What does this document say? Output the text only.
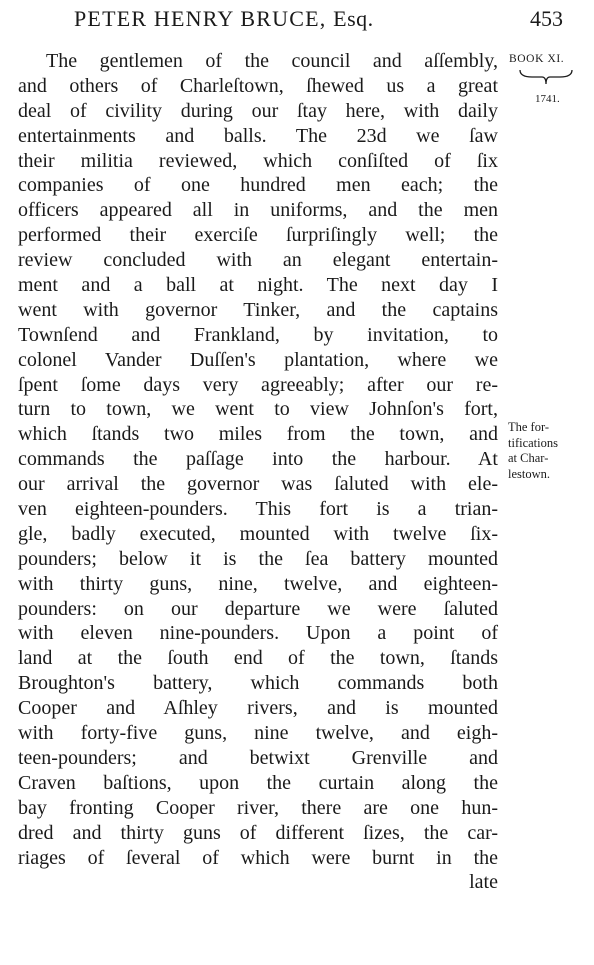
PETER HENRY BRUCE, Esq.	453
BOOK XI.
1741.
The for-
tifications
at Char-
lestown.
The gentlemen of the council and aſſembly,
and others of Charleſtown, ſhewed us a great
deal of civility during our ſtay here, with daily
entertainments and balls. The 23d we ſaw
their militia reviewed, which conſiſted of ſix
companies of one hundred men each; the
officers appeared all in uniforms, and the men
performed their exerciſe ſurpriſingly well; the
review concluded with an elegant entertain-
ment and a ball at night. The next day I
went with governor Tinker, and the captains
Townſend and Frankland, by invitation, to
colonel Vander Duſſen's plantation, where we
ſpent ſome days very agreeably; after our re-
turn to town, we went to view Johnſon's fort,
which ſtands two miles from the town, and
commands the paſſage into the harbour. At
our arrival the governor was ſaluted with ele-
ven eighteen-pounders. This fort is a trian-
gle, badly executed, mounted with twelve ſix-
pounders; below it is the ſea battery mounted
with thirty guns, nine, twelve, and eighteen-
pounders: on our departure we were ſaluted
with eleven nine-pounders. Upon a point of
land at the ſouth end of the town, ſtands
Broughton's battery, which commands both
Cooper and Aſhley rivers, and is mounted
with forty-five guns, nine twelve, and eigh-
teen-pounders; and betwixt Grenville and
Craven baſtions, upon the curtain along the
bay fronting Cooper river, there are one hun-
dred and thirty guns of different ſizes, the car-
riages of ſeveral of which were burnt in the
late
